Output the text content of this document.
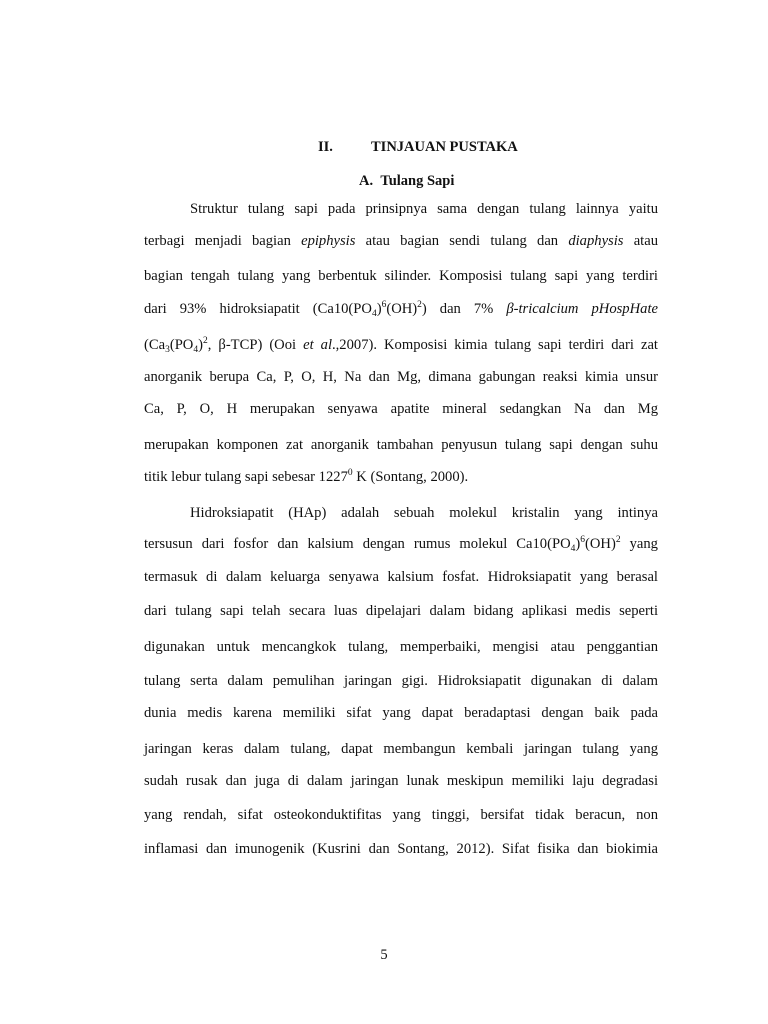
II.	TINJAUAN PUSTAKA
A. Tulang Sapi
Struktur tulang sapi pada prinsipnya sama dengan tulang lainnya yaitu
terbagi menjadi bagian epiphysis atau bagian sendi tulang dan diaphysis atau
bagian tengah tulang yang berbentuk silinder. Komposisi tulang sapi yang terdiri
dari 93% hidroksiapatit $(Ca10(PO_4)^6(OH)^2)$ dan 7% β-tricalcium pHospHate
($Ca_3(PO_4)^2$, β-TCP) (Ooi et al.,2007). Komposisi kimia tulang sapi terdiri dari zat
anorganik berupa Ca, P, O, H, Na dan Mg, dimana gabungan reaksi kimia unsur
Ca, P, O, H merupakan senyawa apatite mineral sedangkan Na dan Mg
merupakan komponen zat anorganik tambahan penyusun tulang sapi dengan suhu
titik lebur tulang sapi sebesar 1227$^0$ K (Sontang, 2000).
Hidroksiapatit (HAp) adalah sebuah molekul kristalin yang intinya
tersusun dari fosfor dan kalsium dengan rumus molekul $Ca10(PO_4)^6(OH)^2$ yang
termasuk di dalam keluarga senyawa kalsium fosfat. Hidroksiapatit yang berasal
dari tulang sapi telah secara luas dipelajari dalam bidang aplikasi medis seperti
digunakan untuk mencangkok tulang, memperbaiki, mengisi atau penggantian
tulang serta dalam pemulihan jaringan gigi. Hidroksiapatit digunakan di dalam
dunia medis karena memiliki sifat yang dapat beradaptasi dengan baik pada
jaringan keras dalam tulang, dapat membangun kembali jaringan tulang yang
sudah rusak dan juga di dalam jaringan lunak meskipun memiliki laju degradasi
yang rendah, sifat osteokonduktifitas yang tinggi, bersifat tidak beracun, non
inflamasi dan imunogenik (Kusrini dan Sontang, 2012). Sifat fisika dan biokimia
5
